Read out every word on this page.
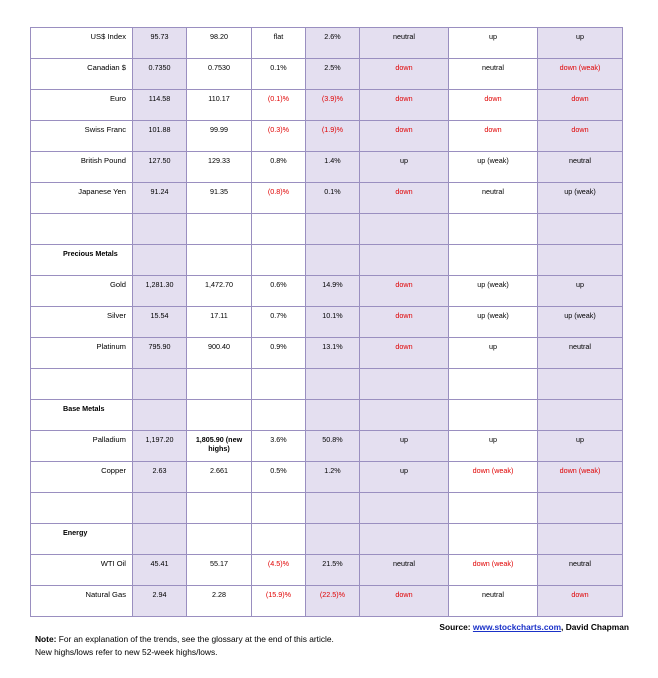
US$ Index	95.73	98.20	flat	2.6%	neutral	up	up

Canadian $	0.7350	0.7530	0.1%	2.5%	down	neutral	down (weak)

Euro	114.58	110.17	(0.1)%	(3.9)%	down	down	down

Swiss Franc	101.88	99.99	(0.3)%	(1.9)%	down	down	down

British Pound	127.50	129.33	0.8%	1.4%	up	up (weak)	neutral

Japanese Yen	91.24	91.35	(0.8)%	0.1%	down	neutral	up (weak)

Precious Metals							

Gold	1,281.30	1,472.70	0.6%	14.9%	down	up (weak)	up

Silver	15.54	17.11	0.7%	10.1%	down	up (weak)	up (weak)

Platinum	795.90	900.40	0.9%	13.1%	down	up	neutral

Base Metals							

Palladium	1,197.20	1,805.90 (new highs)	3.6%	50.8%	up	up	up

Copper	2.63	2.661	0.5%	1.2%	up	down (weak)	down (weak)

Energy							

WTI Oil	45.41	55.17	(4.5)%	21.5%	neutral	down (weak)	neutral

Natural Gas	2.94	2.28	(15.9)%	(22.5)%	down	neutral	down
Source: www.stockcharts.com, David Chapman
Note: For an explanation of the trends, see the glossary at the end of this article.
New highs/lows refer to new 52-week highs/lows.
